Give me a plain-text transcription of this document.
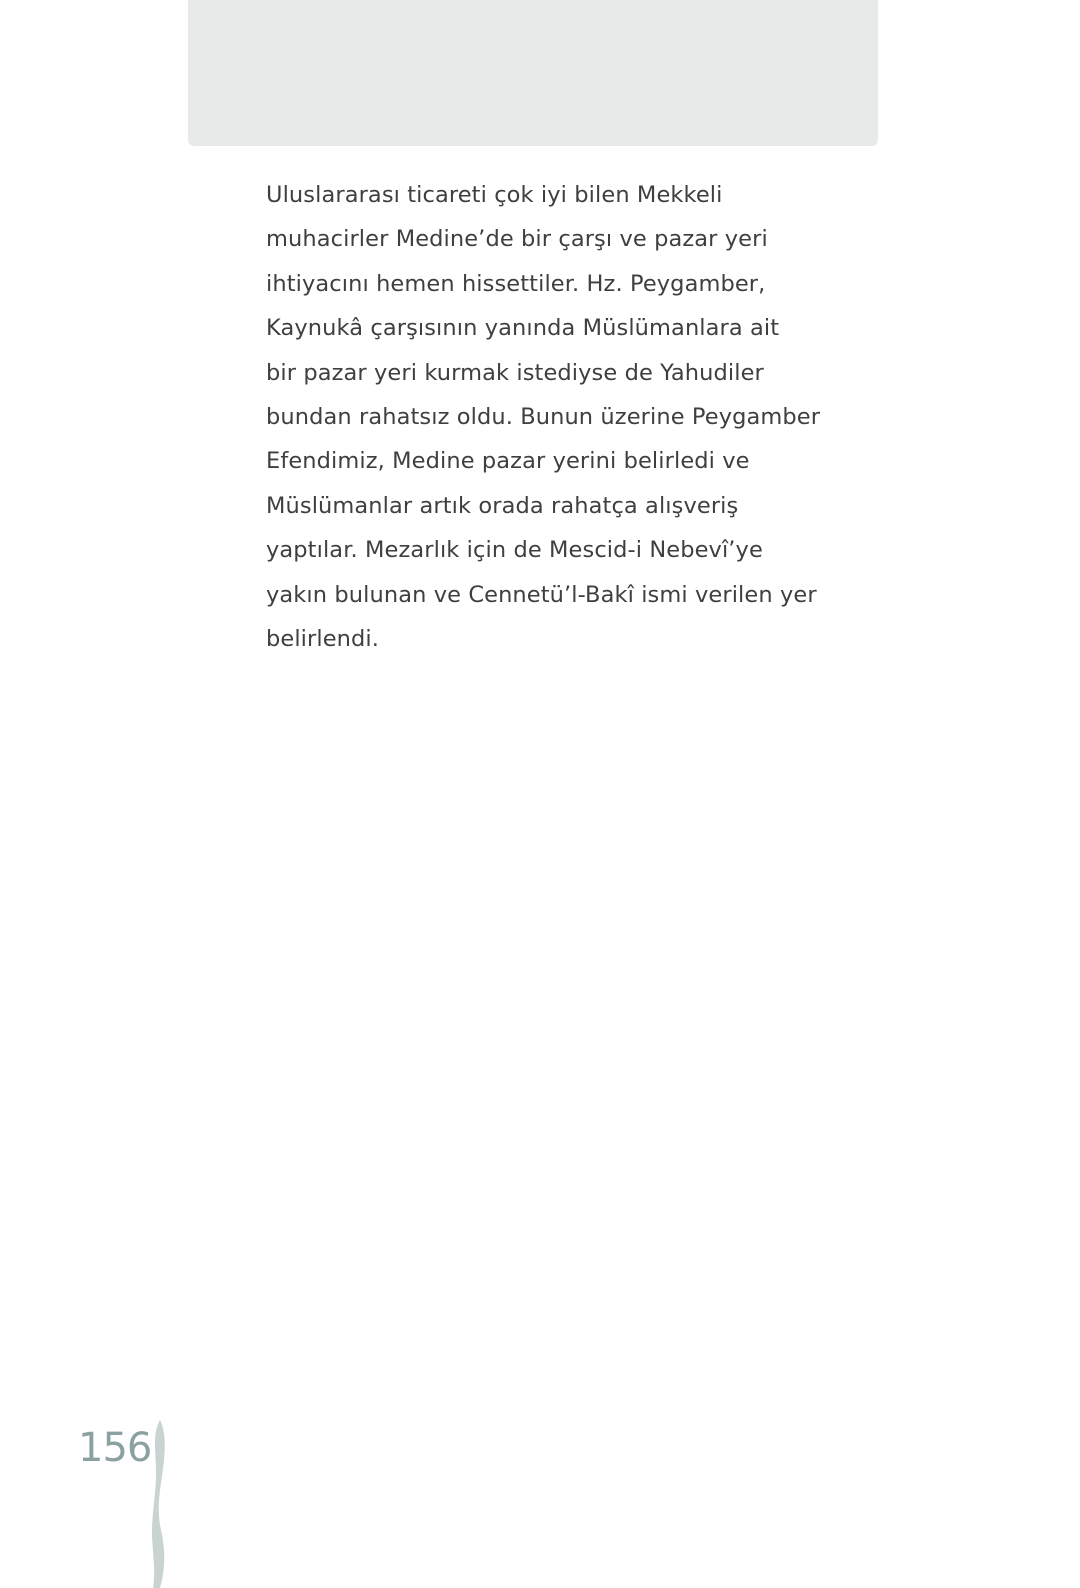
Uluslararası ticareti çok iyi bilen Mekkeli
muhacirler Medine’de bir çarşı ve pazar yeri
ihtiyacını hemen hissettiler. Hz. Peygamber,
Kaynukâ çarşısının yanında Müslümanlara ait
bir pazar yeri kurmak istediyse de Yahudiler
bundan rahatsız oldu. Bunun üzerine Peygamber
Efendimiz, Medine pazar yerini belirledi ve
Müslümanlar artık orada rahatça alışveriş
yaptılar. Mezarlık için de Mescid-i Nebevî’ye
yakın bulunan ve Cennetü’l-Bakî ismi verilen yer
belirlendi.

156
